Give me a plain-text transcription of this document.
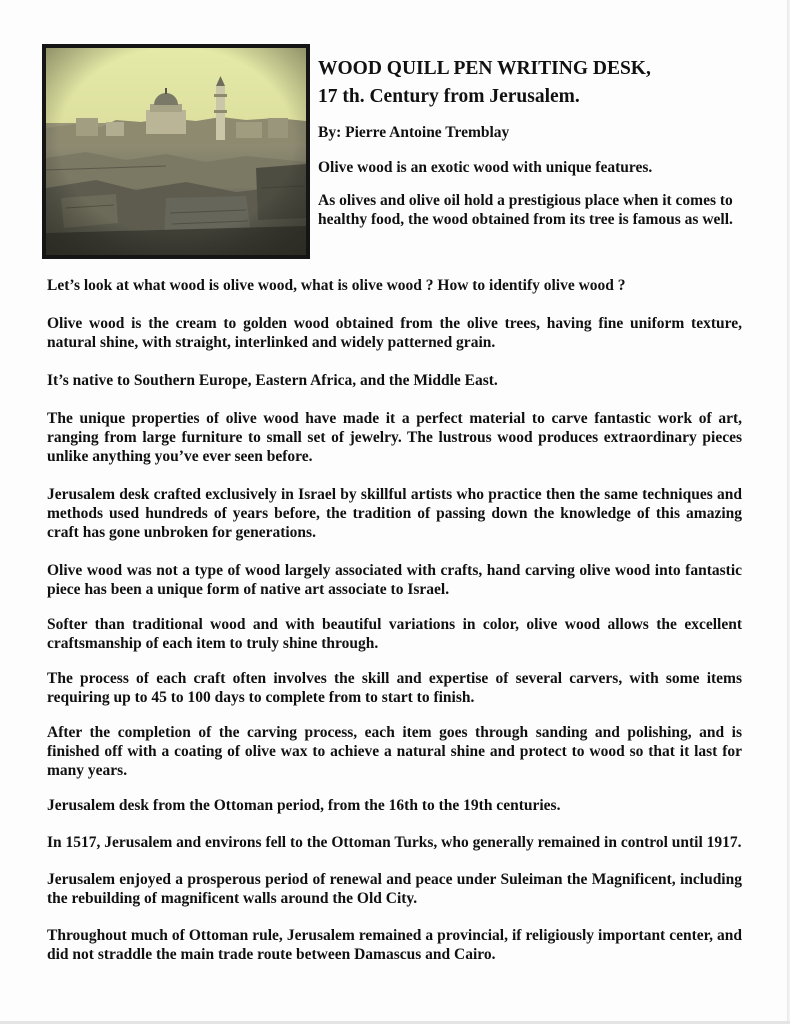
WOOD QUILL PEN WRITING DESK,

17 th. Century from Jerusalem.

By: Pierre Antoine Tremblay

Olive wood is an exotic wood with unique features.

As olives and olive oil hold a prestigious place when it comes to healthy food, the wood obtained from its tree is famous as well.

Let’s look at what wood is olive wood, what is olive wood ? How to identify olive wood ?

Olive wood is the cream to golden wood obtained from the olive trees, having fine uniform texture, natural shine, with straight, interlinked and widely patterned grain.

It’s native to Southern Europe, Eastern Africa, and the Middle East.

The unique properties of olive wood have made it a perfect material to carve fantastic work of art, ranging from large furniture to small set of jewelry. The lustrous wood produces extraordinary pieces unlike anything you’ve ever seen before.

Jerusalem desk crafted exclusively in Israel by skillful artists who practice then the same techniques and methods used hundreds of years before, the tradition of passing down the knowledge of this amazing craft has gone unbroken for generations.

Olive wood was not a type of wood largely associated with crafts, hand carving olive wood into fantastic piece has been a unique form of native art associate to Israel.

Softer than traditional wood and with beautiful variations in color, olive wood allows the excellent craftsmanship of each item to truly shine through.

The process of each craft often involves the skill and expertise of several carvers, with some items requiring up to 45 to 100 days to complete from to start to finish.

After the completion of the carving process, each item goes through sanding and polishing, and is finished off with a coating of olive wax to achieve a natural shine and protect to wood so that it last for many years.

Jerusalem desk from the Ottoman period, from the 16th to the 19th centuries.

In 1517, Jerusalem and environs fell to the Ottoman Turks, who generally remained in control until 1917.

Jerusalem enjoyed a prosperous period of renewal and peace under Suleiman the Magnificent, including the rebuilding of magnificent walls around the Old City.

Throughout much of Ottoman rule, Jerusalem remained a provincial, if religiously important center, and did not straddle the main trade route between Damascus and Cairo.
